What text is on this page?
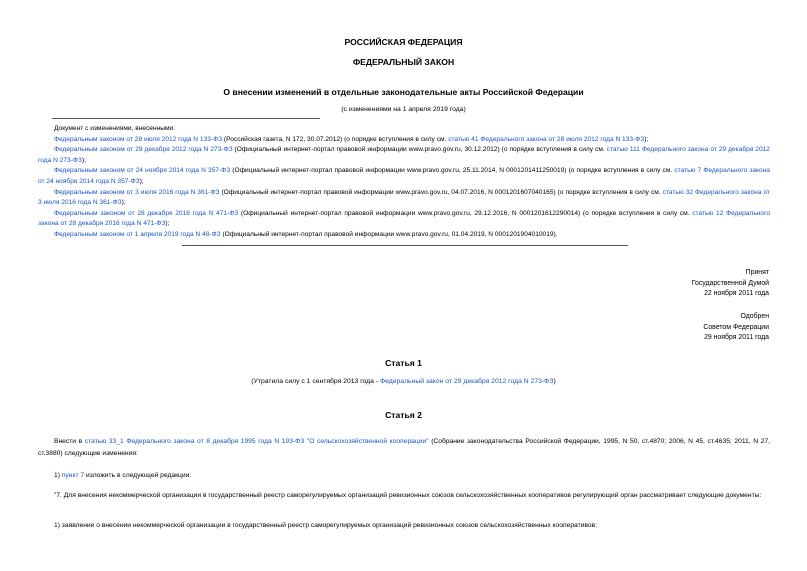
РОССИЙСКАЯ ФЕДЕРАЦИЯ
ФЕДЕРАЛЬНЫЙ ЗАКОН
О внесении изменений в отдельные законодательные акты Российской Федерации
(с изменениями на 1 апреля 2019 года)

Документ с изменениями, внесенными:

Федеральным законом от 28 июля 2012 года N 133-ФЗ (Российская газета, N 172, 30.07.2012) (о порядке вступления в силу см. статью 41 Федерального закона от 28 июля 2012 года N 133-ФЗ);

Федеральным законом от 29 декабря 2012 года N 273-ФЗ (Официальный интернет-портал правовой информации www.pravo.gov.ru, 30.12.2012) (о порядке вступления в силу см. статью 111 Федерального закона от 29 декабря 2012 года N 273-ФЗ);

Федеральным законом от 24 ноября 2014 года N 357-ФЗ (Официальный интернет-портал правовой информации www.pravo.gov.ru, 25.11.2014, N 0001201411250019) (о порядке вступления в силу см. статью 7 Федерального закона от 24 ноября 2014 года N 357-ФЗ);

Федеральным законом от 3 июля 2016 года N 361-ФЗ (Официальный интернет-портал правовой информации www.pravo.gov.ru, 04.07.2016, N 0001201607040165) (о порядке вступления в силу см. статью 32 Федерального закона от 3 июля 2016 года N 361-ФЗ);

Федеральным законом от 28 декабря 2016 года N 471-ФЗ (Официальный интернет-портал правовой информации www.pravo.gov.ru, 29.12.2016, N 0001201612290014) (о порядке вступления в силу см. статью 12 Федерального закона от 28 декабря 2016 года N 471-ФЗ);

Федеральным законом от 1 апреля 2019 года N 48-ФЗ (Официальный интернет-портал правовой информации www.pravo.gov.ru, 01.04.2019, N 0001201904010019).

Принят
Государственной Думой
22 ноября 2011 года
Одобрен
Советом Федерации
29 ноября 2011 года
Статья 1
(Утратила силу с 1 сентября 2013 года - Федеральный закон от 29 декабря 2012 года N 273-ФЗ)
Статья 2
Внести в статью 33_1 Федерального закона от 8 декабря 1995 года N 193-ФЗ "О сельскохозяйственной кооперации" (Собрание законодательства Российской Федерации, 1995, N 50, ст.4870; 2006, N 45, ст.4635; 2011, N 27, ст.3880) следующие изменения:
1) пункт 7 изложить в следующей редакции:
"7. Для внесения некоммерческой организации в государственный реестр саморегулируемых организаций ревизионных союзов сельскохозяйственных кооперативов регулирующий орган рассматривает следующие документы:
1) заявление о внесении некоммерческой организации в государственный реестр саморегулируемых организаций ревизионных союзов сельскохозяйственных кооперативов;
